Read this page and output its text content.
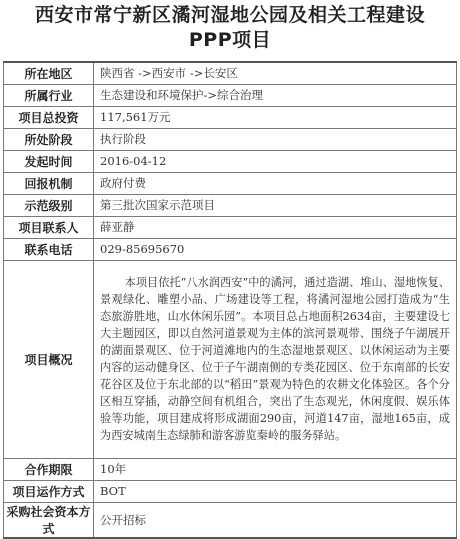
西安市常宁新区潏河湿地公园及相关工程建设
PPP项目
所在地区	陕西省 ->西安市 ->长安区
所属行业	生态建设和环境保护->综合治理
项目总投资	117,561万元
所处阶段	执行阶段
发起时间	2016-04-12
回报机制	政府付费
示范级别	第三批次国家示范项目
项目联系人	薛亚静
联系电话	029-85695670
项目概况	本项目依托“八水润西安”中的潏河，通过造湖、堆山、湿地恢复、景观绿化、雕塑小品、广场建设等工程，将潏河湿地公园打造成为“生态旅游胜地，山水休闲乐园”。本项目总占地面积2634亩，主要建设七大主题园区，即以自然河道景观为主体的滨河景观带、围绕子午湖展开的湖面景观区、位于河道滩地内的生态湿地景观区、以休闲运动为主要内容的运动健身区、位于子午湖南侧的专类花园区、位于东南部的长安花谷区及位于东北部的以“稻田”景观为特色的农耕文化体验区。各个分区相互穿插，动静空间有机组合，突出了生态观光，休闲度假、娱乐体验等功能，项目建成将形成湖面290亩，河道147亩，湿地165亩，成为西安城南生态绿肺和游客游览秦岭的服务驿站。
合作期限	10年
项目运作方式	BOT
采购社会资本方式	公开招标
